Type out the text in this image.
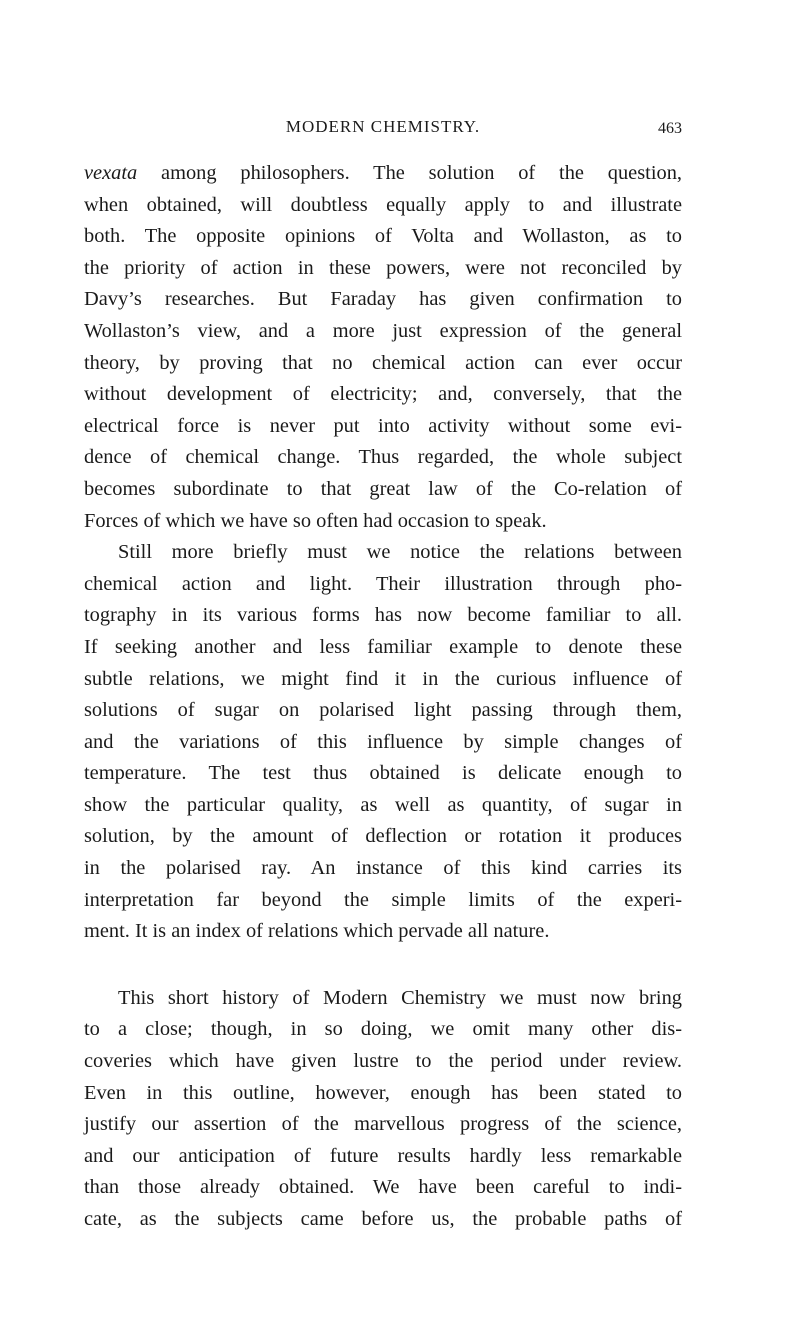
MODERN CHEMISTRY.	463
vexata among philosophers. The solution of the question,
when obtained, will doubtless equally apply to and illustrate
both. The opposite opinions of Volta and Wollaston, as to
the priority of action in these powers, were not reconciled by
Davy’s researches. But Faraday has given confirmation to
Wollaston’s view, and a more just expression of the general
theory, by proving that no chemical action can ever occur
without development of electricity; and, conversely, that the
electrical force is never put into activity without some evi-
dence of chemical change. Thus regarded, the whole subject
becomes subordinate to that great law of the Co-relation of
Forces of which we have so often had occasion to speak.
Still more briefly must we notice the relations between
chemical action and light. Their illustration through pho-
tography in its various forms has now become familiar to all.
If seeking another and less familiar example to denote these
subtle relations, we might find it in the curious influence of
solutions of sugar on polarised light passing through them,
and the variations of this influence by simple changes of
temperature. The test thus obtained is delicate enough to
show the particular quality, as well as quantity, of sugar in
solution, by the amount of deflection or rotation it produces
in the polarised ray. An instance of this kind carries its
interpretation far beyond the simple limits of the experi-
ment. It is an index of relations which pervade all nature.
This short history of Modern Chemistry we must now bring
to a close; though, in so doing, we omit many other dis-
coveries which have given lustre to the period under review.
Even in this outline, however, enough has been stated to
justify our assertion of the marvellous progress of the science,
and our anticipation of future results hardly less remarkable
than those already obtained. We have been careful to indi-
cate, as the subjects came before us, the probable paths of
